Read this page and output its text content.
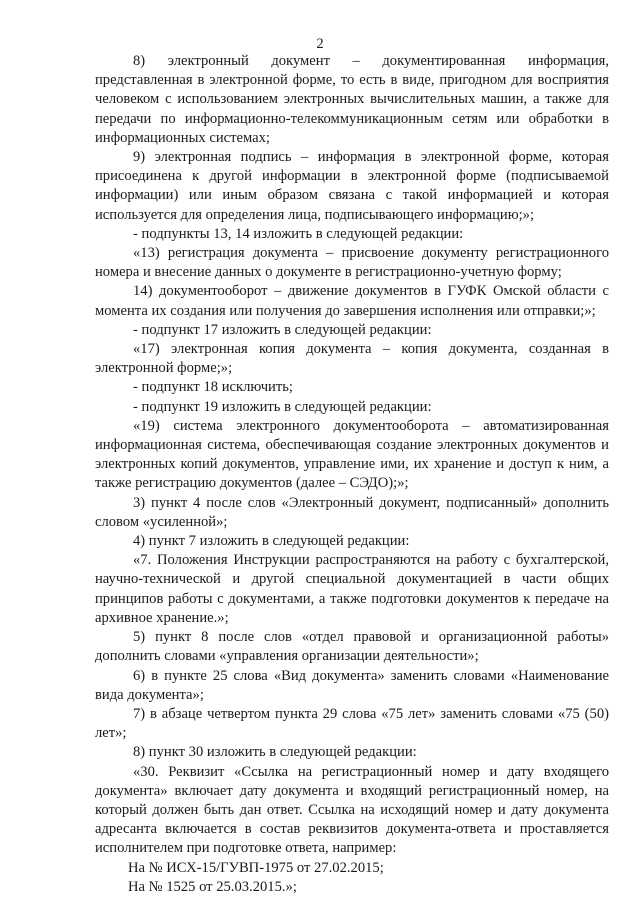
2

8) электронный документ – документированная информация, представленная в электронной форме, то есть в виде, пригодном для восприятия человеком с использованием электронных вычислительных машин, а также для передачи по информационно-телекоммуникационным сетям или обработки в информационных системах;

9) электронная подпись – информация в электронной форме, которая присоединена к другой информации в электронной форме (подписываемой информации) или иным образом связана с такой информацией и которая используется для определения лица, подписывающего информацию;»;

- подпункты 13, 14 изложить в следующей редакции:

«13) регистрация документа – присвоение документу регистрационного номера и внесение данных о документе в регистрационно-учетную форму;

14) документооборот – движение документов в ГУФК Омской области с момента их создания или получения до завершения исполнения или отправки;»;

- подпункт 17 изложить в следующей редакции:

«17) электронная копия документа – копия документа, созданная в электронной форме;»;

- подпункт 18 исключить;

- подпункт 19 изложить в следующей редакции:

«19) система электронного документооборота – автоматизированная информационная система, обеспечивающая создание электронных документов и электронных копий документов, управление ими, их хранение и доступ к ним, а также регистрацию документов (далее – СЭДО);»;

3) пункт 4 после слов «Электронный документ, подписанный» дополнить словом «усиленной»;

4) пункт 7 изложить в следующей редакции:

«7. Положения Инструкции распространяются на работу с бухгалтерской, научно-технической и другой специальной документацией в части общих принципов работы с документами, а также подготовки документов к передаче на архивное хранение.»;

5) пункт 8 после слов «отдел правовой и организационной работы» дополнить словами «управления организации деятельности»;

6) в пункте 25 слова «Вид документа» заменить словами «Наименование вида документа»;

7) в абзаце четвертом пункта 29 слова «75 лет» заменить словами «75 (50) лет»;

8) пункт 30 изложить в следующей редакции:

«30. Реквизит «Ссылка на регистрационный номер и дату входящего документа» включает дату документа и входящий регистрационный номер, на который должен быть дан ответ. Ссылка на исходящий номер и дату документа адресанта включается в состав реквизитов документа-ответа и проставляется исполнителем при подготовке ответа, например:

На № ИСХ-15/ГУВП-1975 от 27.02.2015;

На № 1525 от 25.03.2015.»;
